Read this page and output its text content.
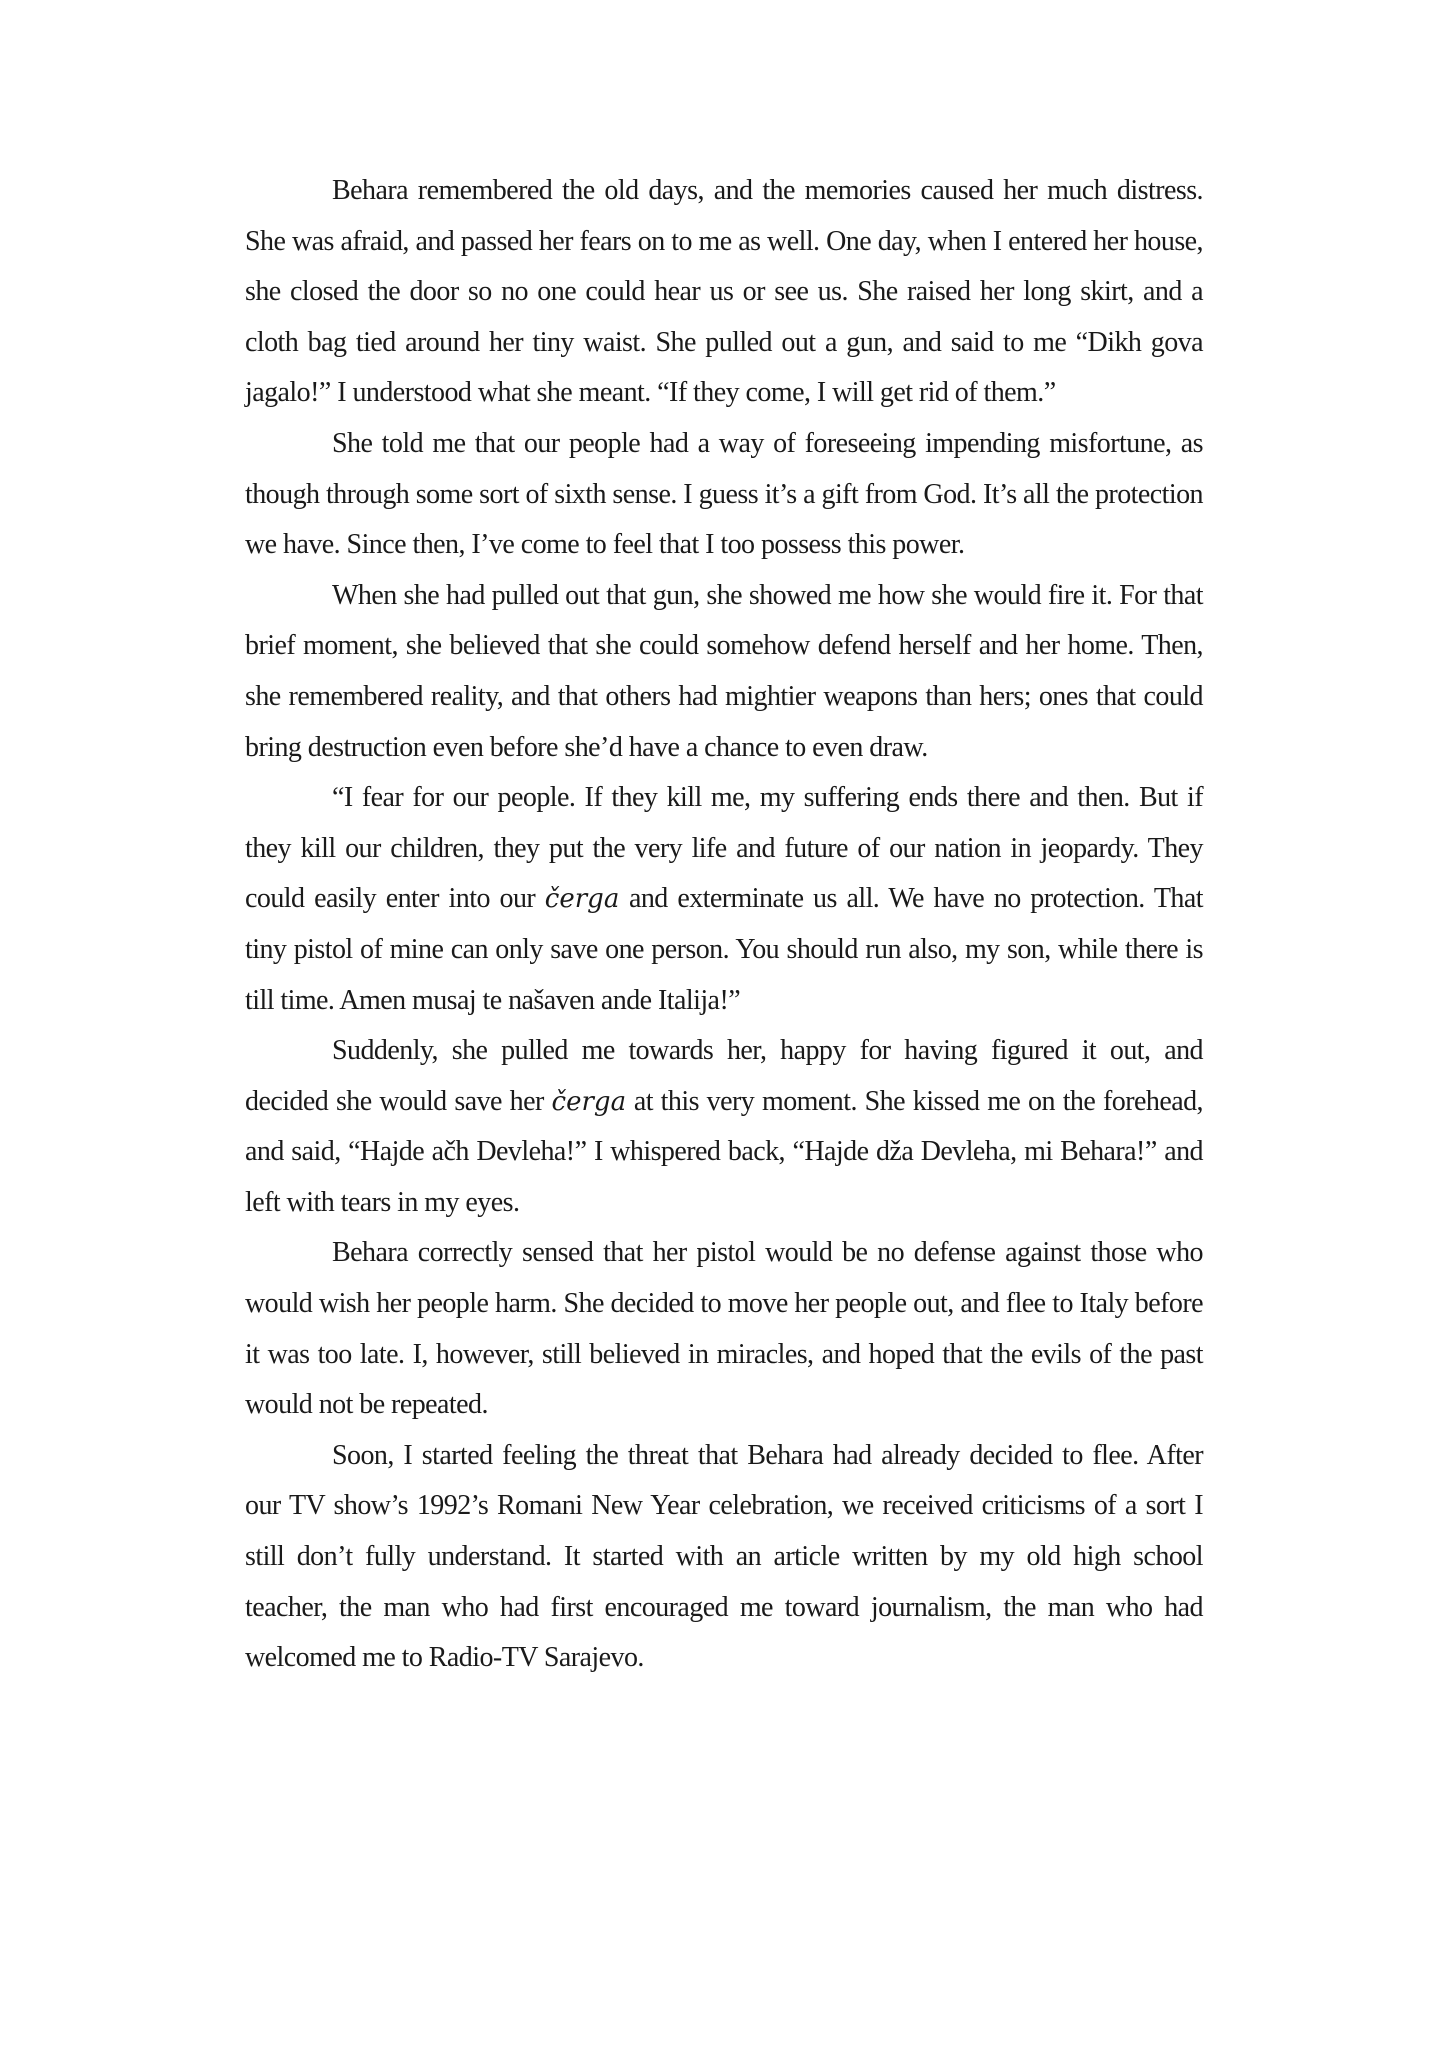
Behara remembered the old days, and the memories caused her much distress. She was afraid, and passed her fears on to me as well. One day, when I entered her house, she closed the door so no one could hear us or see us. She raised her long skirt, and a cloth bag tied around her tiny waist. She pulled out a gun, and said to me “Dikh gova jagalo!” I understood what she meant. “If they come, I will get rid of them.”

She told me that our people had a way of foreseeing impending misfortune, as though through some sort of sixth sense. I guess it’s a gift from God. It’s all the protection we have. Since then, I’ve come to feel that I too possess this power.

When she had pulled out that gun, she showed me how she would fire it. For that brief moment, she believed that she could somehow defend herself and her home. Then, she remembered reality, and that others had mightier weapons than hers; ones that could bring destruction even before she’d have a chance to even draw.

“I fear for our people. If they kill me, my suffering ends there and then. But if they kill our children, they put the very life and future of our nation in jeopardy. They could easily enter into our čerga and exterminate us all. We have no protection. That tiny pistol of mine can only save one person. You should run also, my son, while there is till time. Amen musaj te našaven ande Italija!”

Suddenly, she pulled me towards her, happy for having figured it out, and decided she would save her čerga at this very moment. She kissed me on the forehead, and said, “Hajde ačh Devleha!” I whispered back, “Hajde dža Devleha, mi Behara!” and left with tears in my eyes.

Behara correctly sensed that her pistol would be no defense against those who would wish her people harm. She decided to move her people out, and flee to Italy before it was too late. I, however, still believed in miracles, and hoped that the evils of the past would not be repeated.

Soon, I started feeling the threat that Behara had already decided to flee. After our TV show’s 1992’s Romani New Year celebration, we received criticisms of a sort I still don’t fully understand. It started with an article written by my old high school teacher, the man who had first encouraged me toward journalism, the man who had welcomed me to Radio-TV Sarajevo.
